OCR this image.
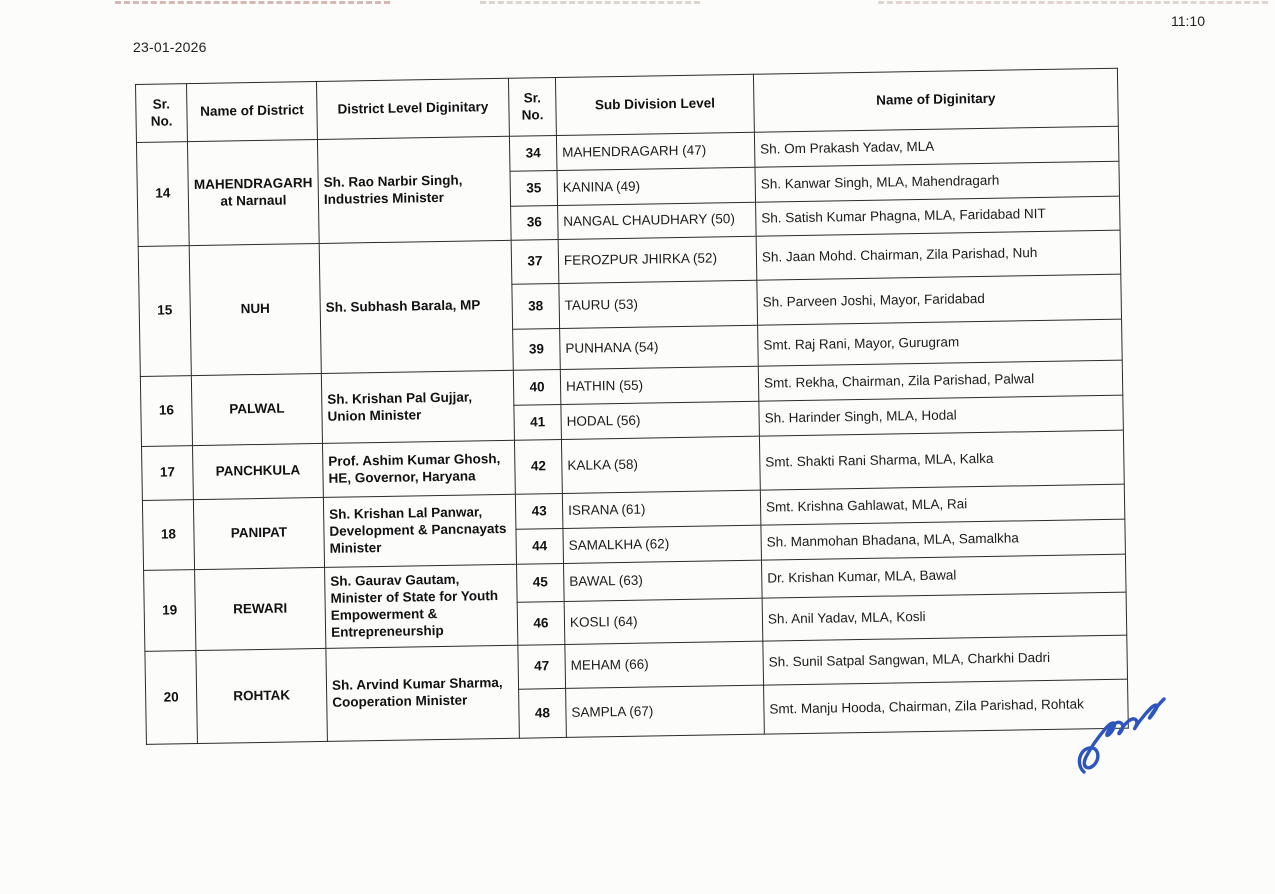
23-01-2026
11:10
Sr. No.	Name of District	District Level Diginitary	Sr. No.	Sub Division Level	Name of Diginitary
14	MAHENDRAGARH at Narnaul	Sh. Rao Narbir Singh, Industries Minister	34	MAHENDRAGARH (47)	Sh. Om Prakash Yadav, MLA
			35	KANINA (49)	Sh. Kanwar Singh, MLA, Mahendragarh
			36	NANGAL CHAUDHARY (50)	Sh. Satish Kumar Phagna, MLA, Faridabad NIT
15	NUH	Sh. Subhash Barala, MP	37	FEROZPUR JHIRKA (52)	Sh. Jaan Mohd. Chairman, Zila Parishad, Nuh
			38	TAURU (53)	Sh. Parveen Joshi, Mayor, Faridabad
			39	PUNHANA (54)	Smt. Raj Rani, Mayor, Gurugram
16	PALWAL	Sh. Krishan Pal Gujjar, Union Minister	40	HATHIN (55)	Smt. Rekha, Chairman, Zila Parishad, Palwal
			41	HODAL (56)	Sh. Harinder Singh, MLA, Hodal
17	PANCHKULA	Prof. Ashim Kumar Ghosh, HE, Governor, Haryana	42	KALKA (58)	Smt. Shakti Rani Sharma, MLA, Kalka
18	PANIPAT	Sh. Krishan Lal Panwar, Development & Pancnayats Minister	43	ISRANA (61)	Smt. Krishna Gahlawat, MLA, Rai
			44	SAMALKHA (62)	Sh. Manmohan Bhadana, MLA, Samalkha
19	REWARI	Sh. Gaurav Gautam, Minister of State for Youth Empowerment & Entrepreneurship	45	BAWAL (63)	Dr. Krishan Kumar, MLA, Bawal
			46	KOSLI (64)	Sh. Anil Yadav, MLA, Kosli
20	ROHTAK	Sh. Arvind Kumar Sharma, Cooperation Minister	47	MEHAM (66)	Sh. Sunil Satpal Sangwan, MLA, Charkhi Dadri
			48	SAMPLA (67)	Smt. Manju Hooda, Chairman, Zila Parishad, Rohtak
